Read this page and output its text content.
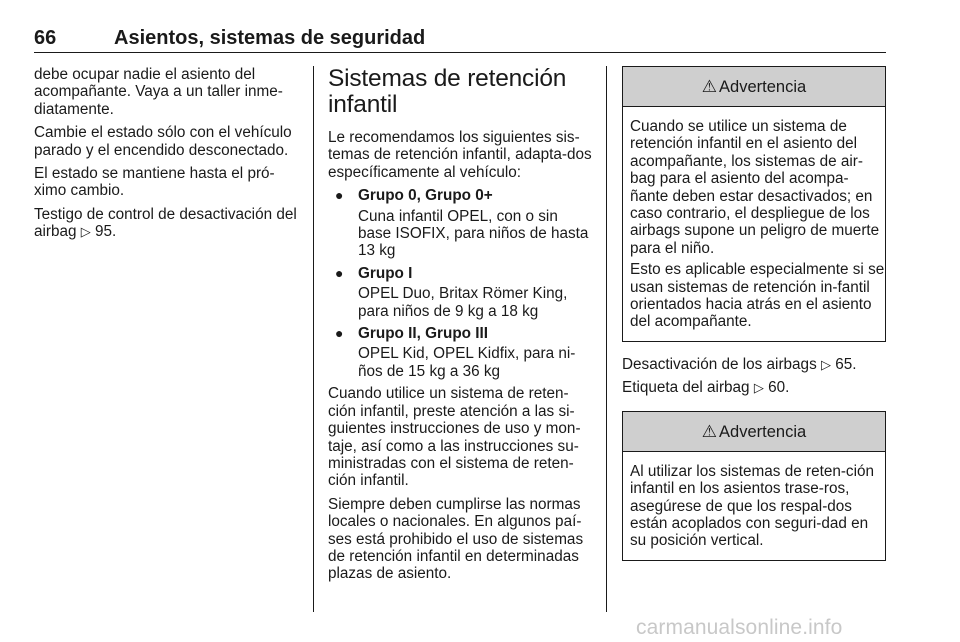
66	Asientos, sistemas de seguridad

debe ocupar nadie el asiento del acompañante. Vaya a un taller inme-diatamente.

Cambie el estado sólo con el vehículo parado y el encendido desconectado.

El estado se mantiene hasta el pró-ximo cambio.

Testigo de control de desactivación del airbag ▷ 95.

Sistemas de retención infantil

Le recomendamos los siguientes sis-temas de retención infantil, adapta-dos específicamente al vehículo:

● Grupo 0, Grupo 0+
Cuna infantil OPEL, con o sin base ISOFIX, para niños de hasta 13 kg
● Grupo I
OPEL Duo, Britax Römer King, para niños de 9 kg a 18 kg
● Grupo II, Grupo III
OPEL Kid, OPEL Kidfix, para ni-ños de 15 kg a 36 kg

Cuando utilice un sistema de reten-ción infantil, preste atención a las si-guientes instrucciones de uso y mon-taje, así como a las instrucciones su-ministradas con el sistema de reten-ción infantil.

Siempre deben cumplirse las normas locales o nacionales. En algunos paí-ses está prohibido el uso de sistemas de retención infantil en determinadas plazas de asiento.

⚠ Advertencia

Cuando se utilice un sistema de retención infantil en el asiento del acompañante, los sistemas de air-bag para el asiento del acompa-ñante deben estar desactivados; en caso contrario, el despliegue de los airbags supone un peligro de muerte para el niño.

Esto es aplicable especialmente si se usan sistemas de retención in-fantil orientados hacia atrás en el asiento del acompañante.

Desactivación de los airbags ▷ 65.

Etiqueta del airbag ▷ 60.

⚠ Advertencia

Al utilizar los sistemas de reten-ción infantil en los asientos trase-ros, asegúrese de que los respal-dos están acoplados con seguri-dad en su posición vertical.

carmanualsonline.info
